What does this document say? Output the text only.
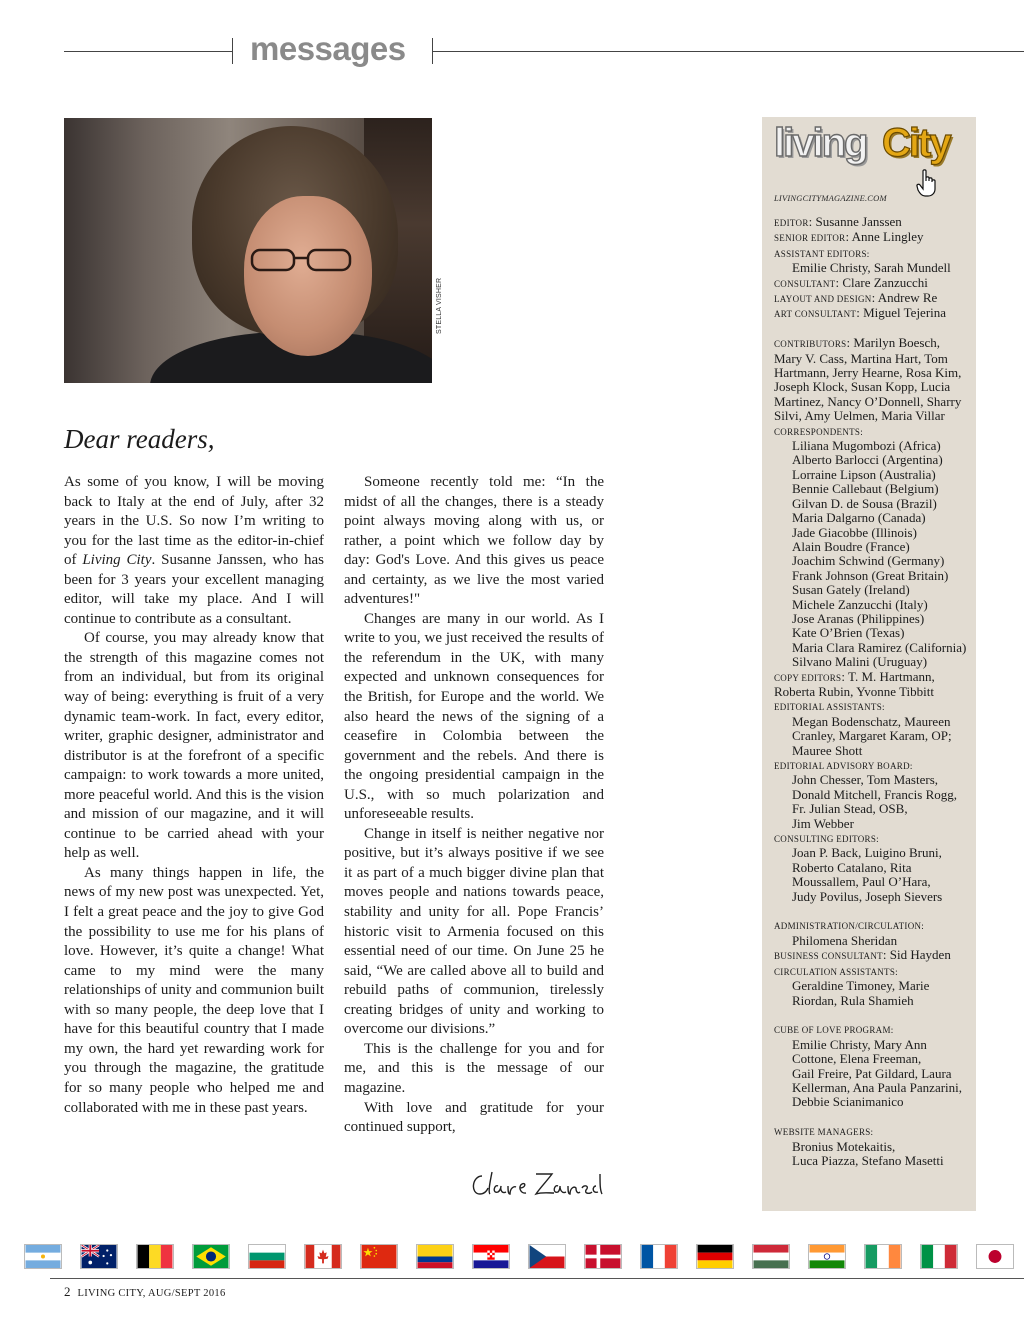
messages
STELLA VISHER
Dear readers,

As some of you know, I will be moving back to Italy at the end of July, after 32 years in the U.S. So now I’m writing to you for the last time as the editor-in-chief of Living City. Susanne Janssen, who has been for 3 years your excellent managing editor, will take my place. And I will continue to contribute as a consultant.

Of course, you may already know that the strength of this magazine comes not from an individual, but from its original way of being: everything is fruit of a very dynamic team-work. In fact, every editor, writer, graphic designer, administrator and distributor is at the forefront of a specific campaign: to work towards a more united, more peaceful world. And this is the vision and mission of our magazine, and it will continue to be carried ahead with your help as well.

As many things happen in life, the news of my new post was unexpected. Yet, I felt a great peace and the joy to give God the possibility to use me for his plans of love. However, it’s quite a change! What came to my mind were the many relationships of unity and communion built with so many people, the deep love that I have for this beautiful country that I made my own, the hard yet rewarding work for you through the magazine, the gratitude for so many people who helped me and collaborated with me in these past years.

Someone recently told me: “In the midst of all the changes, there is a steady point always moving along with us, or rather, a point which we follow day by day: God's Love. And this gives us peace and certainty, as we live the most varied adventures!"

Changes are many in our world. As I write to you, we just received the results of the referendum in the UK, with many expected and unknown consequences for the British, for Europe and the world. We also heard the news of the signing of a ceasefire in Colombia between the government and the rebels. And there is the ongoing presidential campaign in the U.S., with so much polarization and unforeseeable results.

Change in itself is neither negative nor positive, but it’s always positive if we see it as part of a much bigger divine plan that moves people and nations towards peace, stability and unity for all. Pope Francis’ historic visit to Armenia focused on this essential need of our time. On June 25 he said, “We are called above all to build and rebuild paths of communion, tirelessly creating bridges of unity and working to overcome our divisions.”

This is the challenge for you and for me, and this is the message of our magazine.

With love and gratitude for your continued support,

living City
LIVINGCITYMAGAZINE.COM
EDITOR: Susanne Janssen
SENIOR EDITOR: Anne Lingley
ASSISTANT EDITORS:
Emilie Christy, Sarah Mundell
CONSULTANT: Clare Zanzucchi
LAYOUT AND DESIGN: Andrew Re
ART CONSULTANT: Miguel Tejerina
CONTRIBUTORS: Marilyn Boesch, Mary V. Cass, Martina Hart, Tom Hartmann, Jerry Hearne, Rosa Kim, Joseph Klock, Susan Kopp, Lucia Martinez, Nancy O’Donnell, Sharry Silvi, Amy Uelmen, Maria Villar
CORRESPONDENTS:
Liliana Mugombozi (Africa)
Alberto Barlocci (Argentina)
Lorraine Lipson (Australia)
Bennie Callebaut (Belgium)
Gilvan D. de Sousa (Brazil)
Maria Dalgarno (Canada)
Jade Giacobbe (Illinois)
Alain Boudre (France)
Joachim Schwind (Germany)
Frank Johnson (Great Britain)
Susan Gately (Ireland)
Michele Zanzucchi (Italy)
Jose Aranas (Philippines)
Kate O’Brien (Texas)
Maria Clara Ramirez (California)
Silvano Malini (Uruguay)
COPY EDITORS: T. M. Hartmann, Roberta Rubin, Yvonne Tibbitt
EDITORIAL ASSISTANTS:
Megan Bodenschatz, Maureen
Cranley, Margaret Karam, OP;
Mauree Shott
EDITORIAL ADVISORY BOARD:
John Chesser, Tom Masters,
Donald Mitchell, Francis Rogg,
Fr. Julian Stead, OSB,
Jim Webber
CONSULTING EDITORS:
Joan P. Back, Luigino Bruni,
Roberto Catalano, Rita
Moussallem, Paul O’Hara,
Judy Povilus, Joseph Sievers
ADMINISTRATION/CIRCULATION:
Philomena Sheridan
BUSINESS CONSULTANT: Sid Hayden
CIRCULATION ASSISTANTS:
Geraldine Timoney, Marie
Riordan, Rula Shamieh
CUBE OF LOVE PROGRAM:
Emilie Christy, Mary Ann
Cottone, Elena Freeman,
Gail Freire, Pat Gildard, Laura
Kellerman, Ana Paula Panzarini,
Debbie Scianimanico
WEBSITE MANAGERS:
Bronius Motekaitis,
Luca Piazza, Stefano Masetti
2 LIVING CITY, AUG/SEPT 2016
